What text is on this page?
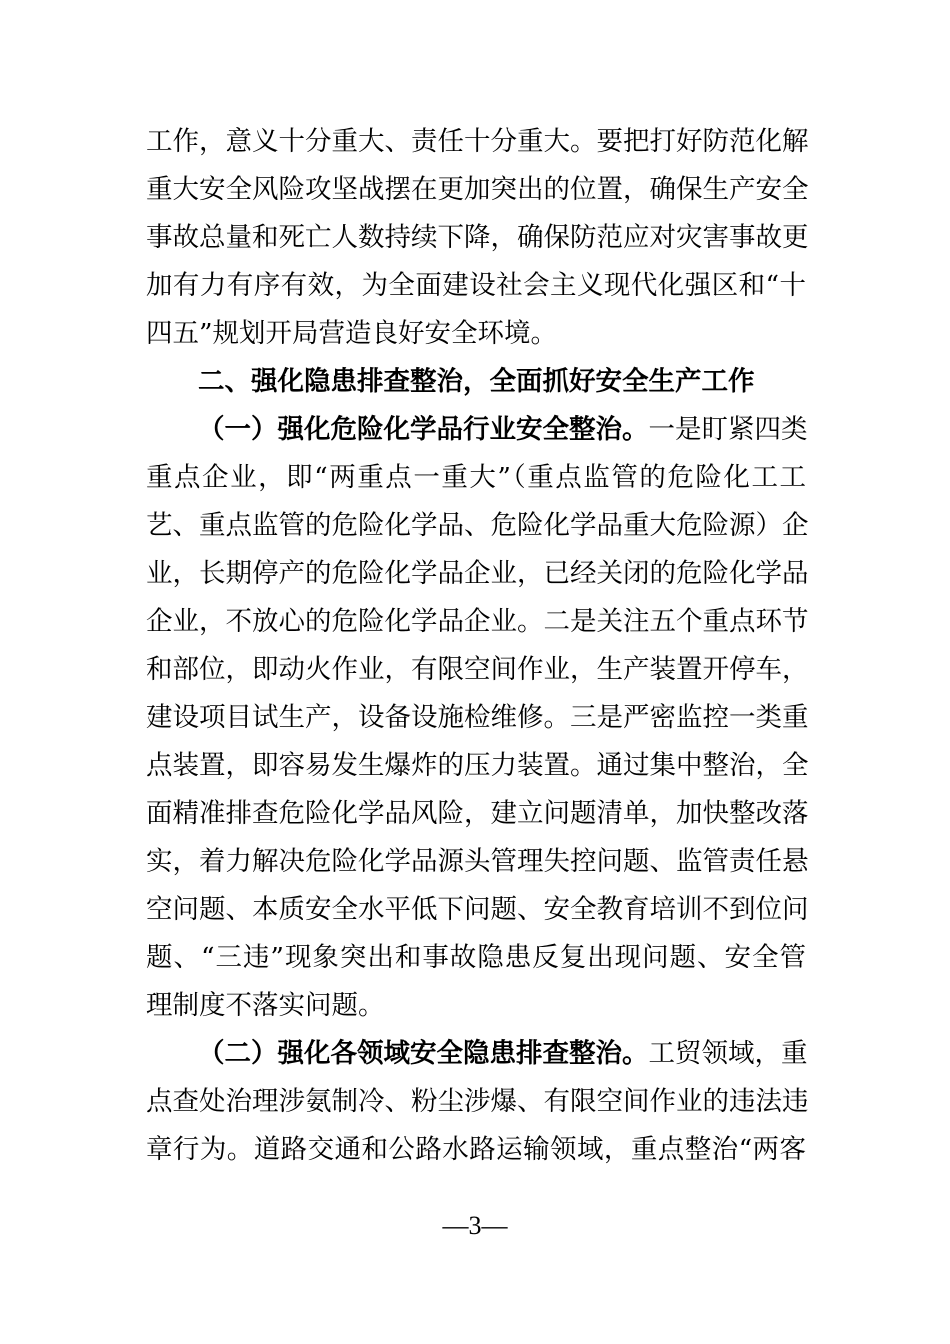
工作，意义十分重大、责任十分重大。要把打好防范化解
重大安全风险攻坚战摆在更加突出的位置，确保生产安全
事故总量和死亡人数持续下降，确保防范应对灾害事故更
加有力有序有效，为全面建设社会主义现代化强区和“十
四五”规划开局营造良好安全环境。
二、强化隐患排查整治，全面抓好安全生产工作
（一）强化危险化学品行业安全整治。一是盯紧四类
重点企业，即“两重点一重大”（重点监管的危险化工工
艺、重点监管的危险化学品、危险化学品重大危险源）企
业，长期停产的危险化学品企业，已经关闭的危险化学品
企业，不放心的危险化学品企业。二是关注五个重点环节
和部位，即动火作业，有限空间作业，生产装置开停车，
建设项目试生产，设备设施检维修。三是严密监控一类重
点装置，即容易发生爆炸的压力装置。通过集中整治，全
面精准排查危险化学品风险，建立问题清单，加快整改落
实，着力解决危险化学品源头管理失控问题、监管责任悬
空问题、本质安全水平低下问题、安全教育培训不到位问
题、“三违”现象突出和事故隐患反复出现问题、安全管
理制度不落实问题。
（二）强化各领域安全隐患排查整治。工贸领域，重
点查处治理涉氨制冷、粉尘涉爆、有限空间作业的违法违
章行为。道路交通和公路水路运输领域，重点整治“两客
—3—
